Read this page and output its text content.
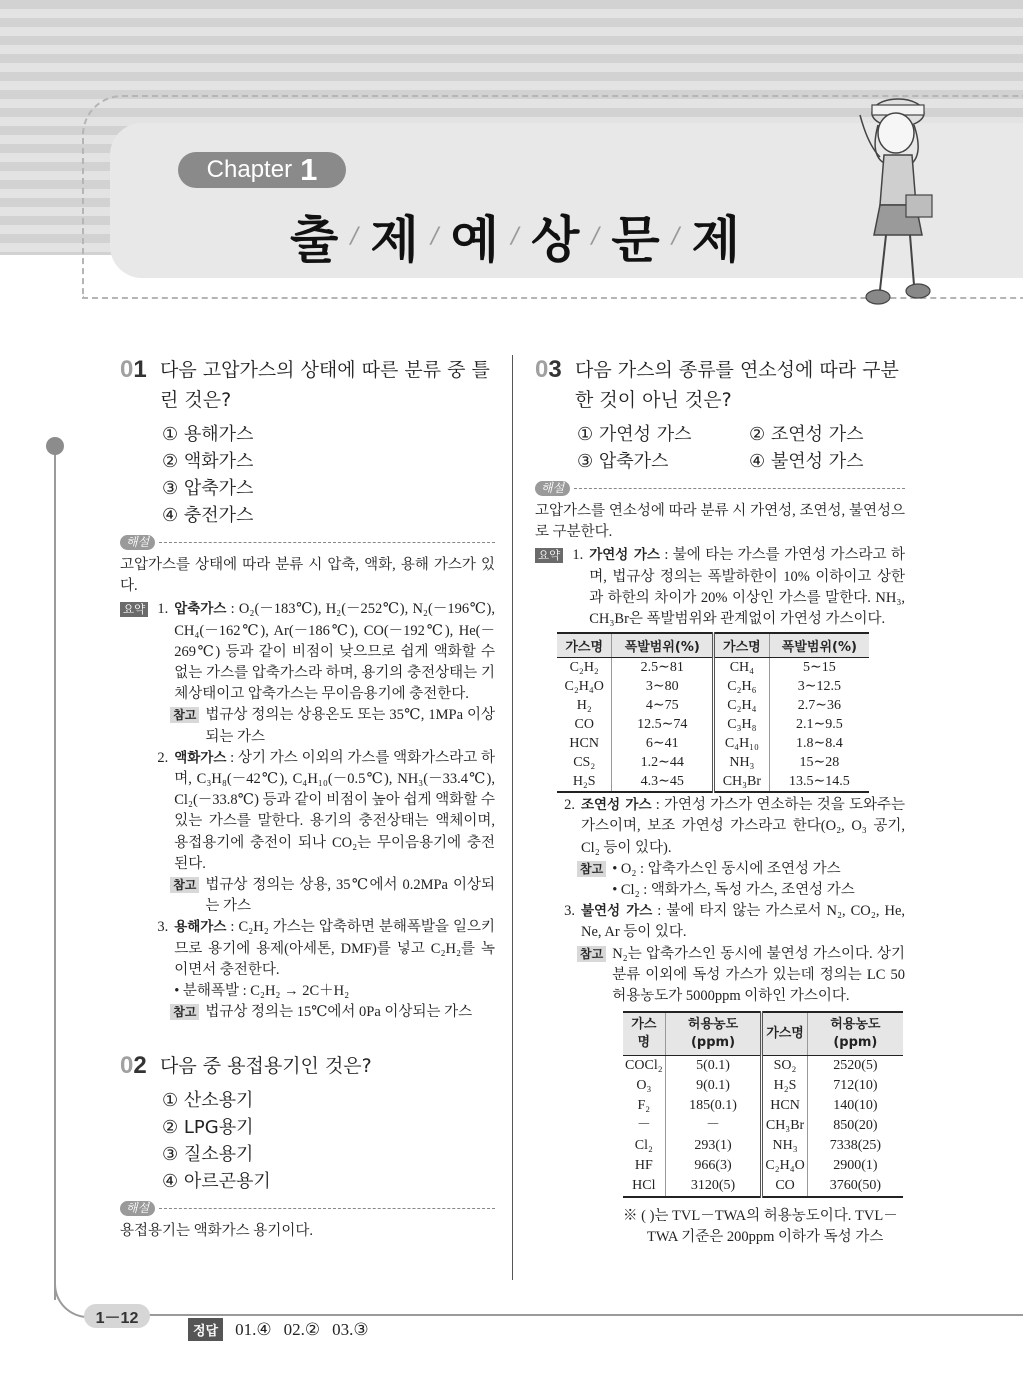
Chapter 1
출 / 제 / 예 / 상 / 문 / 제
1－12
정답 01.④ 02.② 03.③
01 다음 고압가스의 상태에 따른 분류 중 틀린 것은?
① 용해가스
② 액화가스
③ 압축가스
④ 충전가스
해설
고압가스를 상태에 따라 분류 시 압축, 액화, 용해 가스가 있다.
요약 1. 압축가스 : O₂(－183℃), H₂(－252℃), N₂(－196℃), CH₄(－162℃), Ar(－186℃), CO(－192℃), He(－269℃) 등과 같이 비점이 낮으므로 쉽게 액화할 수 없는 가스를 압축가스라 하며, 용기의 충전상태는 기체상태이고 압축가스는 무이음용기에 충전한다.
참고 법규상 정의는 상용온도 또는 35℃, 1MPa 이상되는 가스
2. 액화가스 : 상기 가스 이외의 가스를 액화가스라고 하며, C₃H₈(－42℃), C₄H₁₀(－0.5℃), NH₃(－33.4℃), Cl₂(－33.8℃) 등과 같이 비점이 높아 쉽게 액화할 수 있는 가스를 말한다. 용기의 충전상태는 액체이며, 용접용기에 충전이 되나 CO₂는 무이음용기에 충전된다.
참고 법규상 정의는 상용, 35℃에서 0.2MPa 이상되는 가스
3. 용해가스 : C₂H₂ 가스는 압축하면 분해폭발을 일으키므로 용기에 용제(아세톤, DMF)를 넣고 C₂H₂를 녹이면서 충전한다.
• 분해폭발 : C₂H₂ → 2C＋H₂
참고 법규상 정의는 15℃에서 0Pa 이상되는 가스
02 다음 중 용접용기인 것은?
① 산소용기
② LPG용기
③ 질소용기
④ 아르곤용기
해설
용접용기는 액화가스 용기이다.
03 다음 가스의 종류를 연소성에 따라 구분한 것이 아닌 것은?
① 가연성 가스	② 조연성 가스
③ 압축가스	④ 불연성 가스
해설
고압가스를 연소성에 따라 분류 시 가연성, 조연성, 불연성으로 구분한다.
요약 1. 가연성 가스 : 불에 타는 가스를 가연성 가스라고 하며, 법규상 정의는 폭발하한이 10% 이하이고 상한과 하한의 차이가 20% 이상인 가스를 말한다. NH₃, CH₃Br은 폭발범위와 관계없이 가연성 가스이다.
가스명	폭발범위(%)	가스명	폭발범위(%)
C₂H₂	2.5∼81	CH₄	5∼15
C₂H₄O	3∼80	C₂H₆	3∼12.5
H₂	4∼75	C₂H₄	2.7∼36
CO	12.5∼74	C₃H₈	2.1∼9.5
HCN	6∼41	C₄H₁₀	1.8∼8.4
CS₂	1.2∼44	NH₃	15∼28
H₂S	4.3∼45	CH₃Br	13.5∼14.5
2. 조연성 가스 : 가연성 가스가 연소하는 것을 도와주는 가스이며, 보조 가연성 가스라고 한다(O₂, O₃ 공기, Cl₂ 등이 있다).
참고 • O₂ : 압축가스인 동시에 조연성 가스
• Cl₂ : 액화가스, 독성 가스, 조연성 가스
3. 불연성 가스 : 불에 타지 않는 가스로서 N₂, CO₂, He, Ne, Ar 등이 있다.
참고 N₂는 압축가스인 동시에 불연성 가스이다. 상기 분류 이외에 독성 가스가 있는데 정의는 LC 50 허용농도가 5000ppm 이하인 가스이다.
가스명	허용농도 (ppm)	가스명	허용농도 (ppm)
COCl₂	5(0.1)	SO₂	2520(5)
O₃	9(0.1)	H₂S	712(10)
F₂	185(0.1)	HCN	140(10)
－	－	CH₃Br	850(20)
Cl₂	293(1)	NH₃	7338(25)
HF	966(3)	C₂H₄O	2900(1)
HCl	3120(5)	CO	3760(50)
※ ( )는 TVL－TWA의 허용농도이다. TVL－
TWA 기준은 200ppm 이하가 독성 가스
